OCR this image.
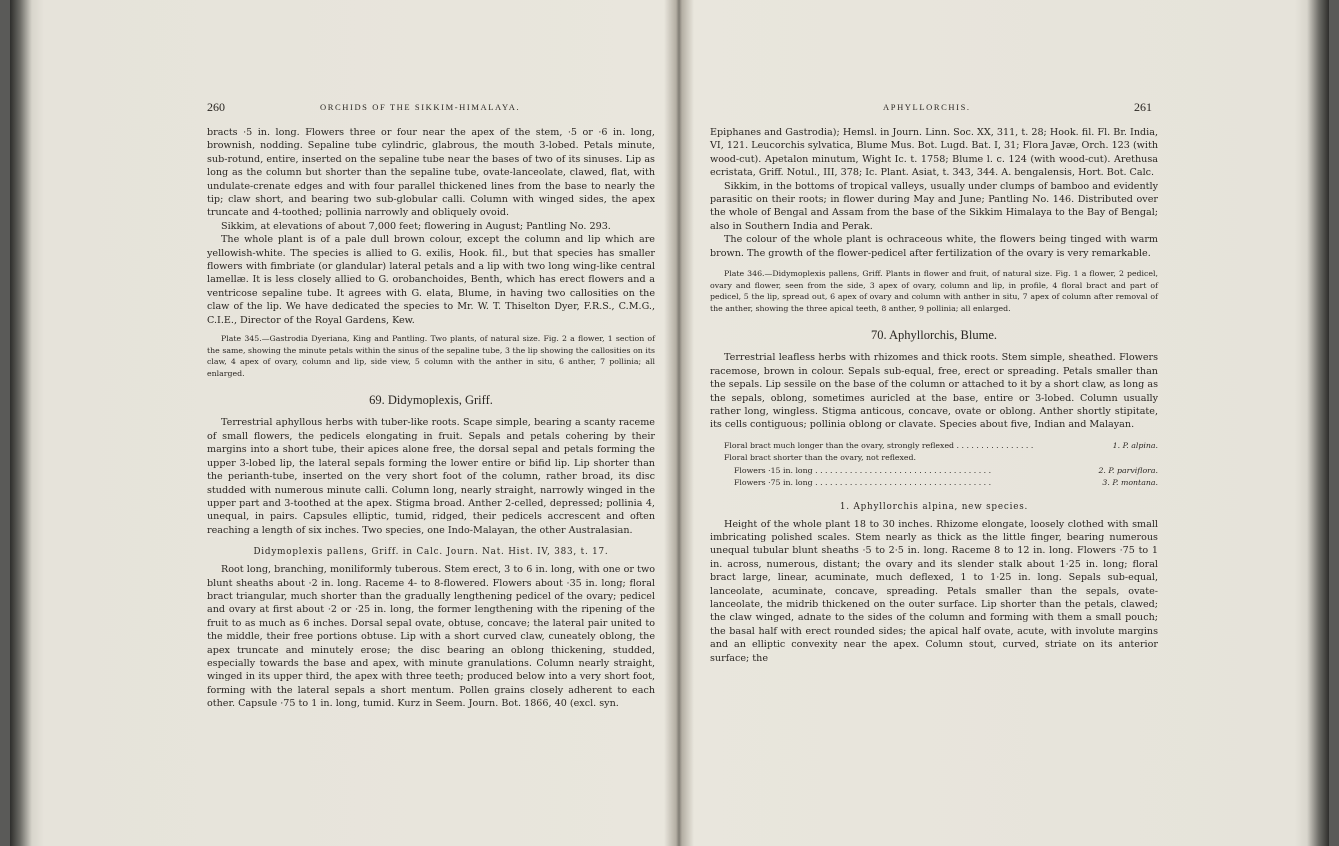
260	ORCHIDS OF THE SIKKIM-HIMALAYA.	261
APHYLLORCHIS.

bracts ·5 in. long. Flowers three or four near the apex of the stem, ·5 or ·6 in. long, brownish, nodding. Sepaline tube cylindric, glabrous, the mouth 3-lobed. Petals minute, sub-rotund, entire, inserted on the sepaline tube near the bases of two of its sinuses. Lip as long as the column but shorter than the sepaline tube, ovate-lanceolate, clawed, flat, with undulate-crenate edges and with four parallel thickened lines from the base to nearly the tip; claw short, and bearing two sub-globular calli. Column with winged sides, the apex truncate and 4-toothed; pollinia narrowly and obliquely ovoid.

Sikkim, at elevations of about 7,000 feet; flowering in August; Pantling No. 293.

The whole plant is of a pale dull brown colour, except the column and lip which are yellowish-white. The species is allied to G. exilis, Hook. fil., but that species has smaller flowers with fimbriate (or glandular) lateral petals and a lip with two long wing-like central lamellæ. It is less closely allied to G. orobanchoides, Benth, which has erect flowers and a ventricose sepaline tube. It agrees with G. elata, Blume, in having two callosities on the claw of the lip. We have dedicated the species to Mr. W. T. Thiselton Dyer, F.R.S., C.M.G., C.I.E., Director of the Royal Gardens, Kew.

Plate 345.—Gastrodia Dyeriana, King and Pantling. Two plants, of natural size. Fig. 2 a flower, 1 section of the same, showing the minute petals within the sinus of the sepaline tube, 3 the lip showing the callosities on its claw, 4 apex of ovary, column and lip, side view, 5 column with the anther in situ, 6 anther, 7 pollinia; all enlarged.

69. Didymoplexis, Griff.

Terrestrial aphyllous herbs with tuber-like roots. Scape simple, bearing a scanty raceme of small flowers, the pedicels elongating in fruit. Sepals and petals cohering by their margins into a short tube, their apices alone free, the dorsal sepal and petals forming the upper 3-lobed lip, the lateral sepals forming the lower entire or bifid lip. Lip shorter than the perianth-tube, inserted on the very short foot of the column, rather broad, its disc studded with numerous minute calli. Column long, nearly straight, narrowly winged in the upper part and 3-toothed at the apex. Stigma broad. Anther 2-celled, depressed; pollinia 4, unequal, in pairs. Capsules elliptic, tumid, ridged, their pedicels accrescent and often reaching a length of six inches. Two species, one Indo-Malayan, the other Australasian.

Didymoplexis pallens, Griff. in Calc. Journ. Nat. Hist. IV, 383, t. 17.

Root long, branching, moniliformly tuberous. Stem erect, 3 to 6 in. long, with one or two blunt sheaths about ·2 in. long. Raceme 4- to 8-flowered. Flowers about ·35 in. long; floral bract triangular, much shorter than the gradually lengthening pedicel of the ovary; pedicel and ovary at first about ·2 or ·25 in. long, the former lengthening with the ripening of the fruit to as much as 6 inches. Dorsal sepal ovate, obtuse, concave; the lateral pair united to the middle, their free portions obtuse. Lip with a short curved claw, cuneately oblong, the apex truncate and minutely erose; the disc bearing an oblong thickening, studded, especially towards the base and apex, with minute granulations. Column nearly straight, winged in its upper third, the apex with three teeth; produced below into a very short foot, forming with the lateral sepals a short mentum. Pollen grains closely adherent to each other. Capsule ·75 to 1 in. long, tumid. Kurz in Seem. Journ. Bot. 1866, 40 (excl. syn.

Epiphanes and Gastrodia); Hemsl. in Journ. Linn. Soc. XX, 311, t. 28; Hook. fil. Fl. Br. India, VI, 121. Leucorchis sylvatica, Blume Mus. Bot. Lugd. Bat. I, 31; Flora Javæ, Orch. 123 (with wood-cut). Apetalon minutum, Wight Ic. t. 1758; Blume l. c. 124 (with wood-cut). Arethusa ecristata, Griff. Notul., III, 378; Ic. Plant. Asiat, t. 343, 344. A. bengalensis, Hort. Bot. Calc.

Sikkim, in the bottoms of tropical valleys, usually under clumps of bamboo and evidently parasitic on their roots; in flower during May and June; Pantling No. 146. Distributed over the whole of Bengal and Assam from the base of the Sikkim Himalaya to the Bay of Bengal; also in Southern India and Perak.

The colour of the whole plant is ochraceous white, the flowers being tinged with warm brown. The growth of the flower-pedicel after fertilization of the ovary is very remarkable.

Plate 346.—Didymoplexis pallens, Griff. Plants in flower and fruit, of natural size. Fig. 1 a flower, 2 pedicel, ovary and flower, seen from the side, 3 apex of ovary, column and lip, in profile, 4 floral bract and part of pedicel, 5 the lip, spread out, 6 apex of ovary and column with anther in situ, 7 apex of column after removal of the anther, showing the three apical teeth, 8 anther, 9 pollinia; all enlarged.

70. Aphyllorchis, Blume.

Terrestrial leafless herbs with rhizomes and thick roots. Stem simple, sheathed. Flowers racemose, brown in colour. Sepals sub-equal, free, erect or spreading. Petals smaller than the sepals. Lip sessile on the base of the column or attached to it by a short claw, as long as the sepals, oblong, sometimes auricled at the base, entire or 3-lobed. Column usually rather long, wingless. Stigma anticous, concave, ovate or oblong. Anther shortly stipitate, its cells contiguous; pollinia oblong or clavate. Species about five, Indian and Malayan.

Floral bract much longer than the ovary, strongly reflexed . . . . . . . . . . . . . . . .	1. P. alpina.
Floral bract shorter than the ovary, not reflexed.
Flowers ·15 in. long . . . . . . . . . . . . . . . . . . . . . . . . . . . . . . . . . . . .	2. P. parviflora.
Flowers ·75 in. long . . . . . . . . . . . . . . . . . . . . . . . . . . . . . . . . . . . .	3. P. montana.

1. Aphyllorchis alpina, new species.

Height of the whole plant 18 to 30 inches. Rhizome elongate, loosely clothed with small imbricating polished scales. Stem nearly as thick as the little finger, bearing numerous unequal tubular blunt sheaths ·5 to 2·5 in. long. Raceme 8 to 12 in. long. Flowers ·75 to 1 in. across, numerous, distant; the ovary and its slender stalk about 1·25 in. long; floral bract large, linear, acuminate, much deflexed, 1 to 1·25 in. long. Sepals sub-equal, lanceolate, acuminate, concave, spreading. Petals smaller than the sepals, ovate-lanceolate, the midrib thickened on the outer surface. Lip shorter than the petals, clawed; the claw winged, adnate to the sides of the column and forming with them a small pouch; the basal half with erect rounded sides; the apical half ovate, acute, with involute margins and an elliptic convexity near the apex. Column stout, curved, striate on its anterior surface; the
